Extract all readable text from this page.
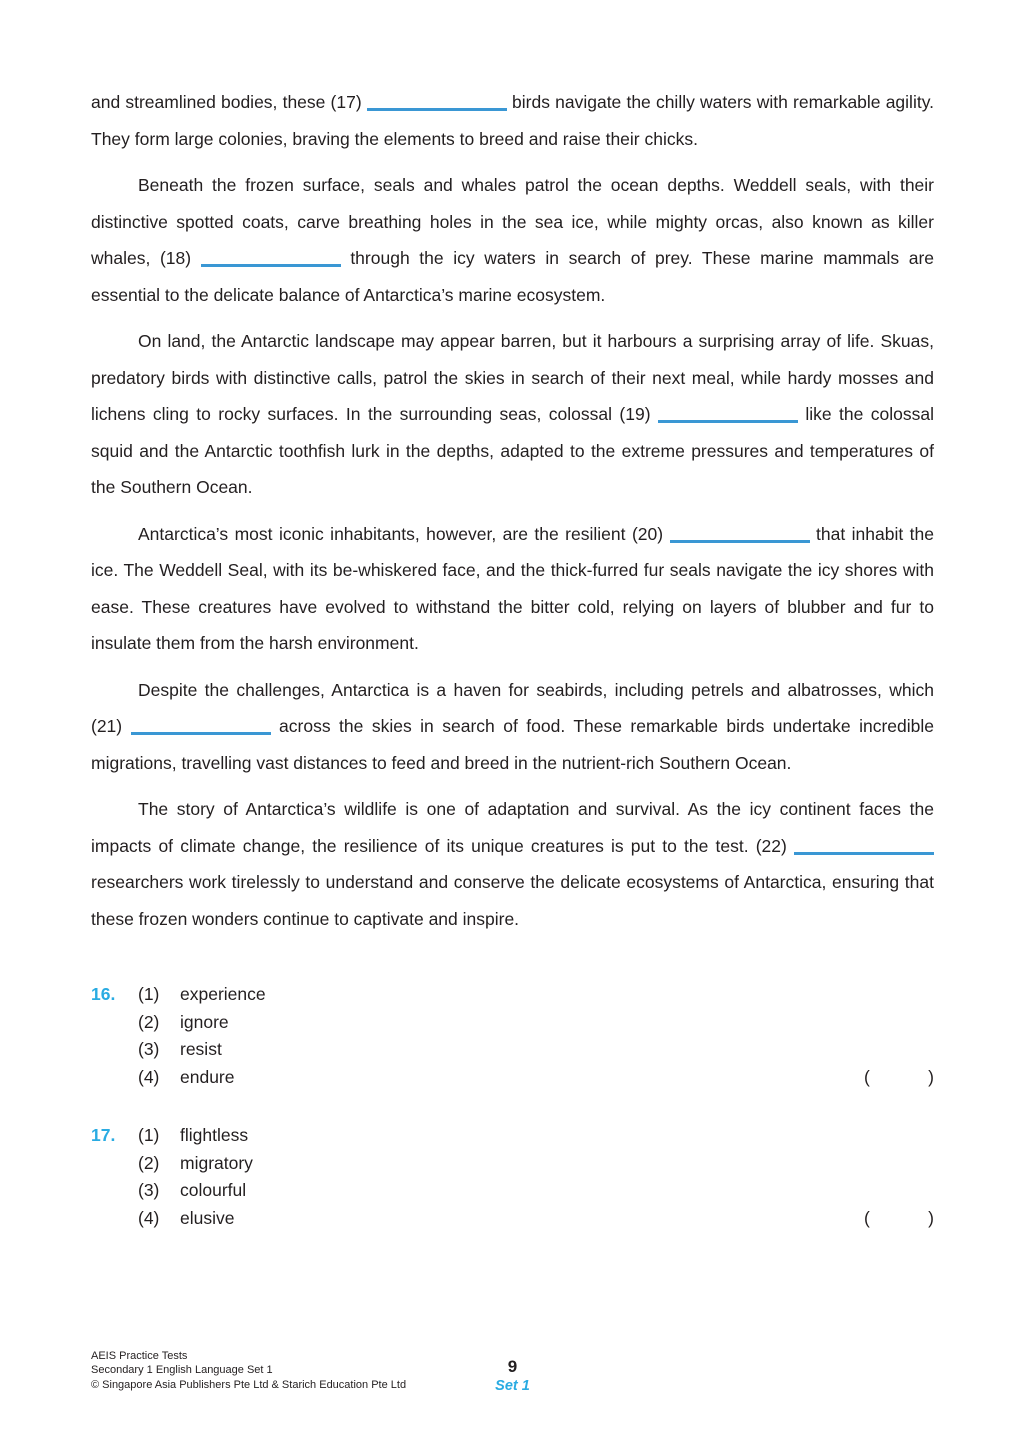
and streamlined bodies, these (17)	birds navigate the chilly waters with remarkable agility. They form large colonies, braving the elements to breed and raise their chicks.

Beneath the frozen surface, seals and whales patrol the ocean depths. Weddell seals, with their distinctive spotted coats, carve breathing holes in the sea ice, while mighty orcas, also known as killer whales, (18)	through the icy waters in search of prey. These marine mammals are essential to the delicate balance of Antarctica’s marine ecosystem.

On land, the Antarctic landscape may appear barren, but it harbours a surprising array of life. Skuas, predatory birds with distinctive calls, patrol the skies in search of their next meal, while hardy mosses and lichens cling to rocky surfaces. In the surrounding seas, colossal (19)	like the colossal squid and the Antarctic toothfish lurk in the depths, adapted to the extreme pressures and temperatures of the Southern Ocean.

Antarctica’s most iconic inhabitants, however, are the resilient (20)	that inhabit the ice. The Weddell Seal, with its be-whiskered face, and the thick-furred fur seals navigate the icy shores with ease. These creatures have evolved to withstand the bitter cold, relying on layers of blubber and fur to insulate them from the harsh environment.

Despite the challenges, Antarctica is a haven for seabirds, including petrels and albatrosses, which (21)	across the skies in search of food. These remarkable birds undertake incredible migrations, travelling vast distances to feed and breed in the nutrient-rich Southern Ocean.

The story of Antarctica’s wildlife is one of adaptation and survival. As the icy continent faces the impacts of climate change, the resilience of its unique creatures is put to the test. (22)  researchers work tirelessly to understand and conserve the delicate ecosystems of Antarctica, ensuring that these frozen wonders continue to captivate and inspire.

16.	(1)	experience
(2)	ignore
(3)	resist
(4)	endure	(            )
17.	(1)	flightless
(2)	migratory
(3)	colourful
(4)	elusive	(            )
AEIS Practice Tests
Secondary 1 English Language Set 1
© Singapore Asia Publishers Pte Ltd & Starich Education Pte Ltd
9
Set 1
